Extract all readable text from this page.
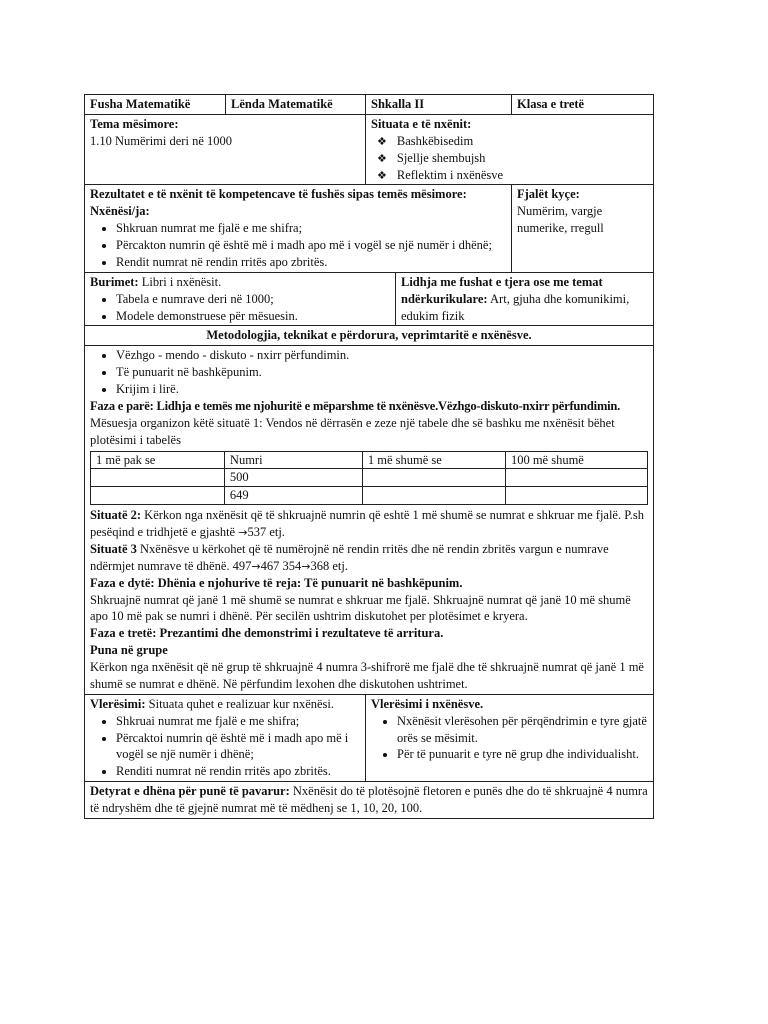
Fusha Matematikë	Lënda Matematikë	Shkalla II	Klasa e tretë

Tema mësimore:

1.10 Numërimi deri në 1000

Situata e të nxënit:

❖ Bashkëbisedim
❖ Sjellje shembujsh
❖ Reflektim i nxënësve

Rezultatet e të nxënit të kompetencave të fushës sipas temës mësimore:

Nxënësi/ja:

• Shkruan numrat me fjalë e me shifra;
• Përcakton numrin që është më i madh apo më i vogël se një numër i dhënë;
• Rendit numrat në rendin rritës apo zbritës.

Fjalët kyçe:

Numërim, vargje numerike, rregull

Burimet: Libri i nxënësit.

• Tabela e numrave deri në 1000;
• Modele demonstruese për mësuesin.

Lidhja me fushat e tjera ose me temat ndërkurikulare: Art, gjuha dhe komunikimi, edukim fizik

Metodologjia, teknikat e përdorura, veprimtaritë e nxënësve.

• Vëzhgo - mendo - diskuto - nxirr përfundimin.
• Të punuarit në bashkëpunim.
• Krijim i lirë.

Faza e parë: Lidhja e temës me njohuritë e mëparshme të nxënësve.Vëzhgo-diskuto-nxirr përfundimin.

Mësuesja organizon këtë situatë 1: Vendos në dërrasën e zeze një tabele dhe së bashku me nxënësit bëhet plotësimi i tabelës

1 më pak se	Numri	1 më shumë se	100 më shumë
	500		
	649		

Situatë 2: Kërkon nga nxënësit që të shkruajnë numrin që eshtë 1 më shumë se numrat e shkruar me fjalë. P.sh pesëqind e tridhjetë e gjashtë →537 etj.

Situatë 3 Nxënësve u kërkohet që të numërojnë në rendin rritës dhe në rendin zbritës vargun e numrave ndërmjet numrave të dhënë. 497→467 354→368 etj.

Faza e dytë: Dhënia e njohurive të reja: Të punuarit në bashkëpunim.

Shkruajnë numrat që janë 1 më shumë se numrat e shkruar me fjalë. Shkruajnë numrat që janë 10 më shumë apo 10 më pak se numri i dhënë. Për secilën ushtrim diskutohet per plotësimet e kryera.

Faza e tretë: Prezantimi dhe demonstrimi i rezultateve të arritura.

Puna në grupe

Kërkon nga nxënësit që në grup të shkruajnë 4 numra 3-shifrorë me fjalë dhe të shkruajnë numrat që janë 1 më shumë se numrat e dhënë. Në përfundim lexohen dhe diskutohen ushtrimet.

Vlerësimi: Situata quhet e realizuar kur nxënësi.

• Shkruai numrat me fjalë e me shifra;
• Përcaktoi numrin që është më i madh apo më i vogël se një numër i dhënë;
• Renditi numrat në rendin rritës apo zbritës.

Vlerësimi i nxënësve.

• Nxënësit vlerësohen për përqëndrimin e tyre gjatë orës se mësimit.
• Për të punuarit e tyre në grup dhe individualisht.

Detyrat e dhëna për punë të pavarur: Nxënësit do të plotësojnë fletoren e punës dhe do të shkruajnë 4 numra të ndryshëm dhe të gjejnë numrat më të mëdhenj se 1, 10, 20, 100.
